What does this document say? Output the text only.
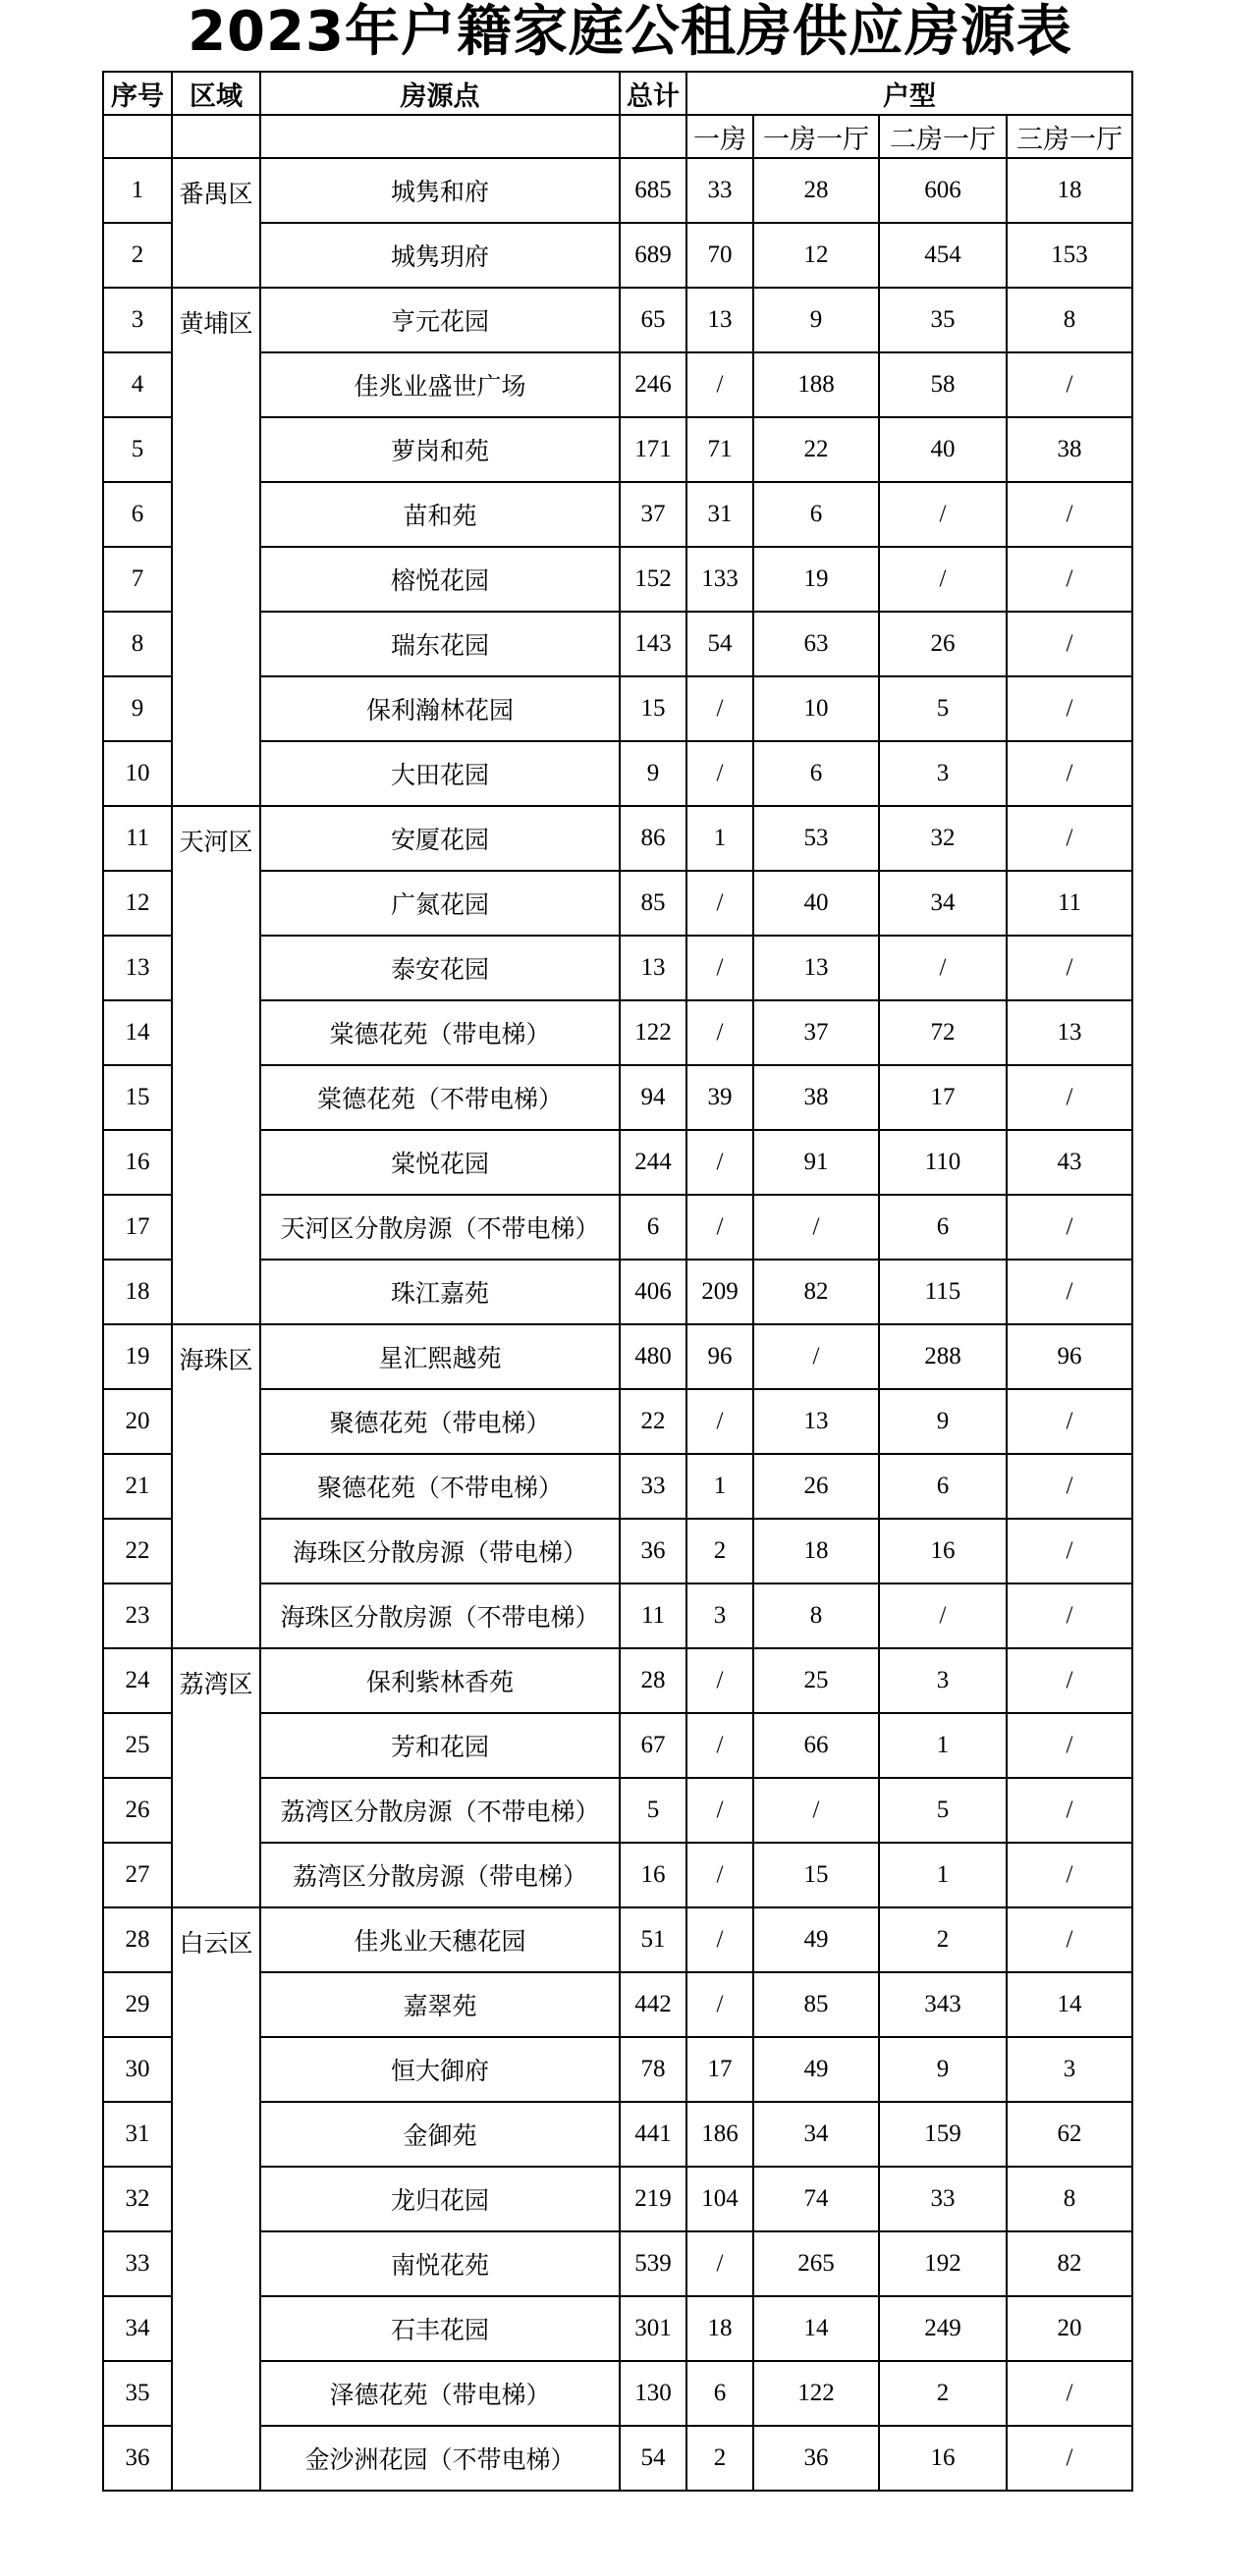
2023年户籍家庭公租房供应房源表
序号	区域	房源点	总计	户型			
				一房	一房一厅	二房一厅	三房一厅
1	番禺区	城隽和府	685	33	28	606	18
2		城隽玥府	689	70	12	454	153
3	黄埔区	亨元花园	65	13	9	35	8
4		佳兆业盛世广场	246	/	188	58	/
5		萝岗和苑	171	71	22	40	38
6		苗和苑	37	31	6	/	/
7		榕悦花园	152	133	19	/	/
8		瑞东花园	143	54	63	26	/
9		保利瀚林花园	15	/	10	5	/
10		大田花园	9	/	6	3	/
11	天河区	安厦花园	86	1	53	32	/
12		广氮花园	85	/	40	34	11
13		泰安花园	13	/	13	/	/
14		棠德花苑（带电梯）	122	/	37	72	13
15		棠德花苑（不带电梯）	94	39	38	17	/
16		棠悦花园	244	/	91	110	43
17		天河区分散房源（不带电梯）	6	/	/	6	/
18		珠江嘉苑	406	209	82	115	/
19	海珠区	星汇熙越苑	480	96	/	288	96
20		聚德花苑（带电梯）	22	/	13	9	/
21		聚德花苑（不带电梯）	33	1	26	6	/
22		海珠区分散房源（带电梯）	36	2	18	16	/
23		海珠区分散房源（不带电梯）	11	3	8	/	/
24	荔湾区	保利紫林香苑	28	/	25	3	/
25		芳和花园	67	/	66	1	/
26		荔湾区分散房源（不带电梯）	5	/	/	5	/
27		荔湾区分散房源（带电梯）	16	/	15	1	/
28	白云区	佳兆业天穗花园	51	/	49	2	/
29		嘉翠苑	442	/	85	343	14
30		恒大御府	78	17	49	9	3
31		金御苑	441	186	34	159	62
32		龙归花园	219	104	74	33	8
33		南悦花苑	539	/	265	192	82
34		石丰花园	301	18	14	249	20
35		泽德花苑（带电梯）	130	6	122	2	/
36		金沙洲花园（不带电梯）	54	2	36	16	/
